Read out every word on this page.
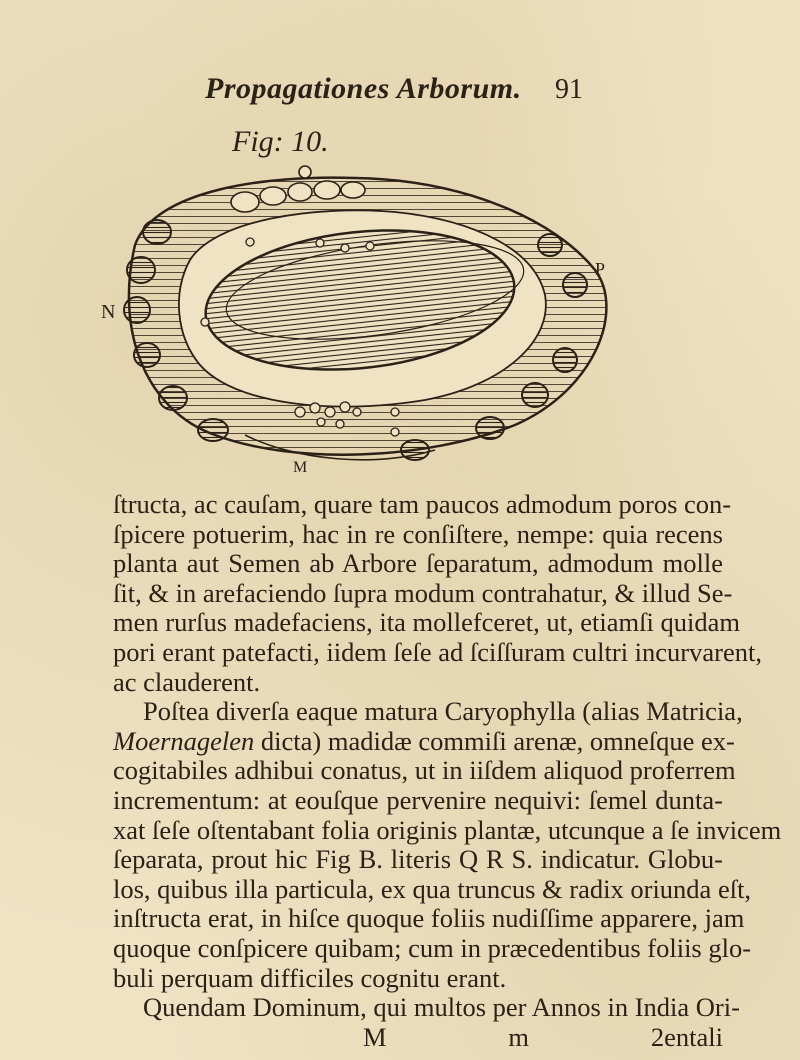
Propagationes Arborum. 91
Fig: 10.
N
P
M
ſtructa, ac cauſam, quare tam paucos admodum poros con-
ſpicere potuerim, hac in re conſiſtere, nempe: quia recens
planta aut Semen ab Arbore ſeparatum, admodum molle
ſit, & in arefaciendo ſupra modum contrahatur, & illud Se-
men rurſus madefaciens, ita mollefceret, ut, etiamſi quidam
pori erant patefacti, iidem ſeſe ad ſciſſuram cultri incurvarent,
ac clauderent.
Poſtea diverſa eaque matura Caryophylla (alias Matricia,
Moernagelen dicta) madidæ commiſi arenæ, omneſque ex-
cogitabiles adhibui conatus, ut in iiſdem aliquod proferrem
incrementum: at eouſque pervenire nequivi: ſemel dunta-
xat ſeſe oſtentabant folia originis plantæ, utcunque a ſe invicem
ſeparata, prout hic Fig B. literis Q R S. indicatur. Globu-
los, quibus illa particula, ex qua truncus & radix oriunda eſt,
inſtructa erat, in hiſce quoque foliis nudiſſime apparere, jam
quoque conſpicere quibam; cum in præcedentibus foliis glo-
buli perquam difficiles cognitu erant.
Quendam Dominum, qui multos per Annos in India Ori-
M m 2entali
